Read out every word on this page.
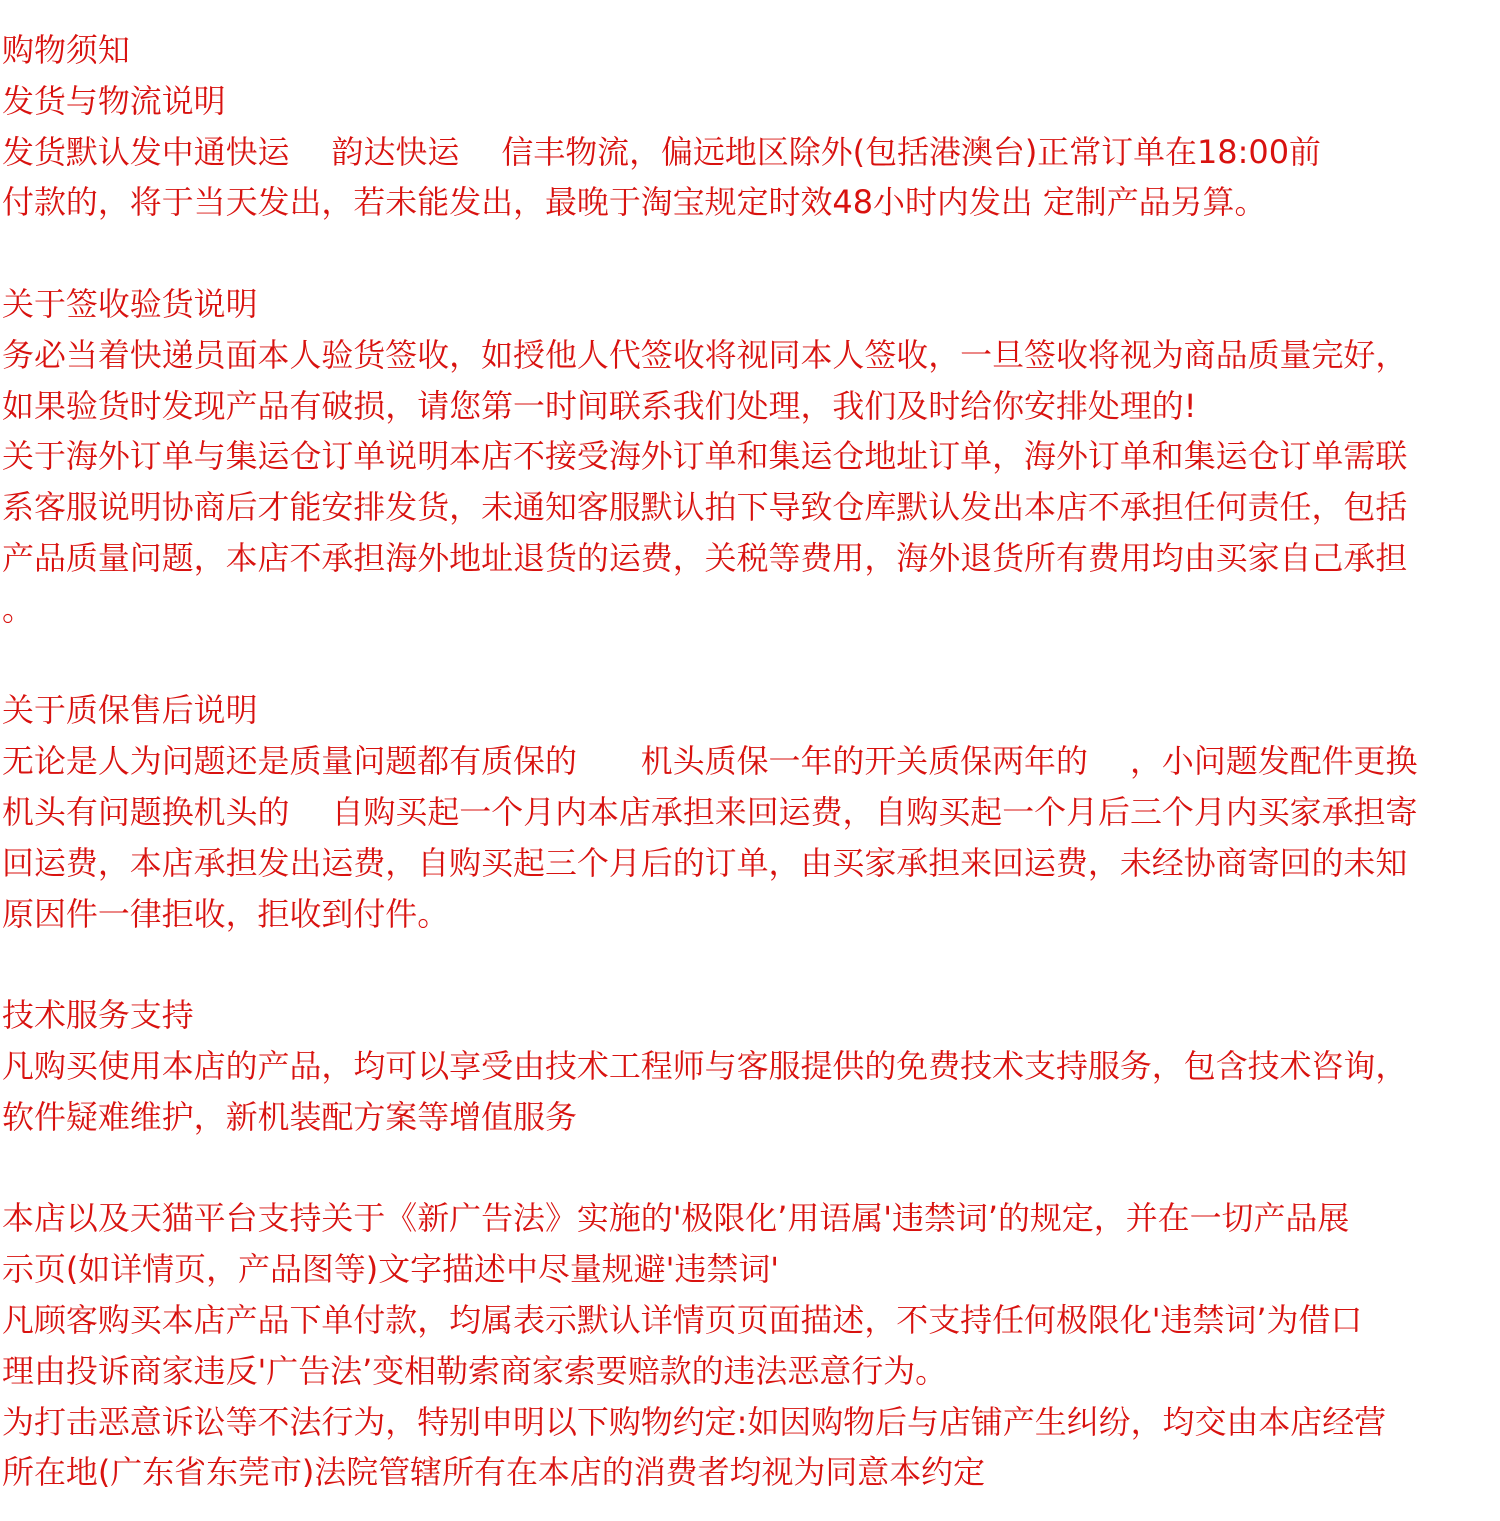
购物须知
发货与物流说明
发货默认发中通快运　 韵达快运　 信丰物流，偏远地区除外(包括港澳台)正常订单在18:00前
付款的，将于当天发出，若未能发出，最晚于淘宝规定时效48小时内发出 定制产品另算。
关于签收验货说明
务必当着快递员面本人验货签收，如授他人代签收将视同本人签收，一旦签收将视为商品质量完好，
如果验货时发现产品有破损，请您第一时间联系我们处理，我们及时给你安排处理的!
关于海外订单与集运仓订单说明本店不接受海外订单和集运仓地址订单，海外订单和集运仓订单需联
系客服说明协商后才能安排发货，未通知客服默认拍下导致仓库默认发出本店不承担任何责任，包括
产品质量问题，本店不承担海外地址退货的运费，关税等费用，海外退货所有费用均由买家自己承担
。
关于质保售后说明
无论是人为问题还是质量问题都有质保的　　机头质保一年的开关质保两年的　 ，小问题发配件更换
机头有问题换机头的　 自购买起一个月内本店承担来回运费，自购买起一个月后三个月内买家承担寄
回运费，本店承担发出运费，自购买起三个月后的订单，由买家承担来回运费，未经协商寄回的未知
原因件一律拒收，拒收到付件。
技术服务支持
凡购买使用本店的产品，均可以享受由技术工程师与客服提供的免费技术支持服务，包含技术咨询，
软件疑难维护，新机装配方案等增值服务
本店以及天猫平台支持关于《新广告法》实施的'极限化’用语属'违禁词’的规定，并在一切产品展
示页(如详情页，产品图等)文字描述中尽量规避'违禁词'
凡顾客购买本店产品下单付款，均属表示默认详情页页面描述，不支持任何极限化'违禁词’为借口
理由投诉商家违反'广告法’变相勒索商家索要赔款的违法恶意行为。
为打击恶意诉讼等不法行为，特别申明以下购物约定:如因购物后与店铺产生纠纷，均交由本店经营
所在地(广东省东莞市)法院管辖所有在本店的消费者均视为同意本约定
